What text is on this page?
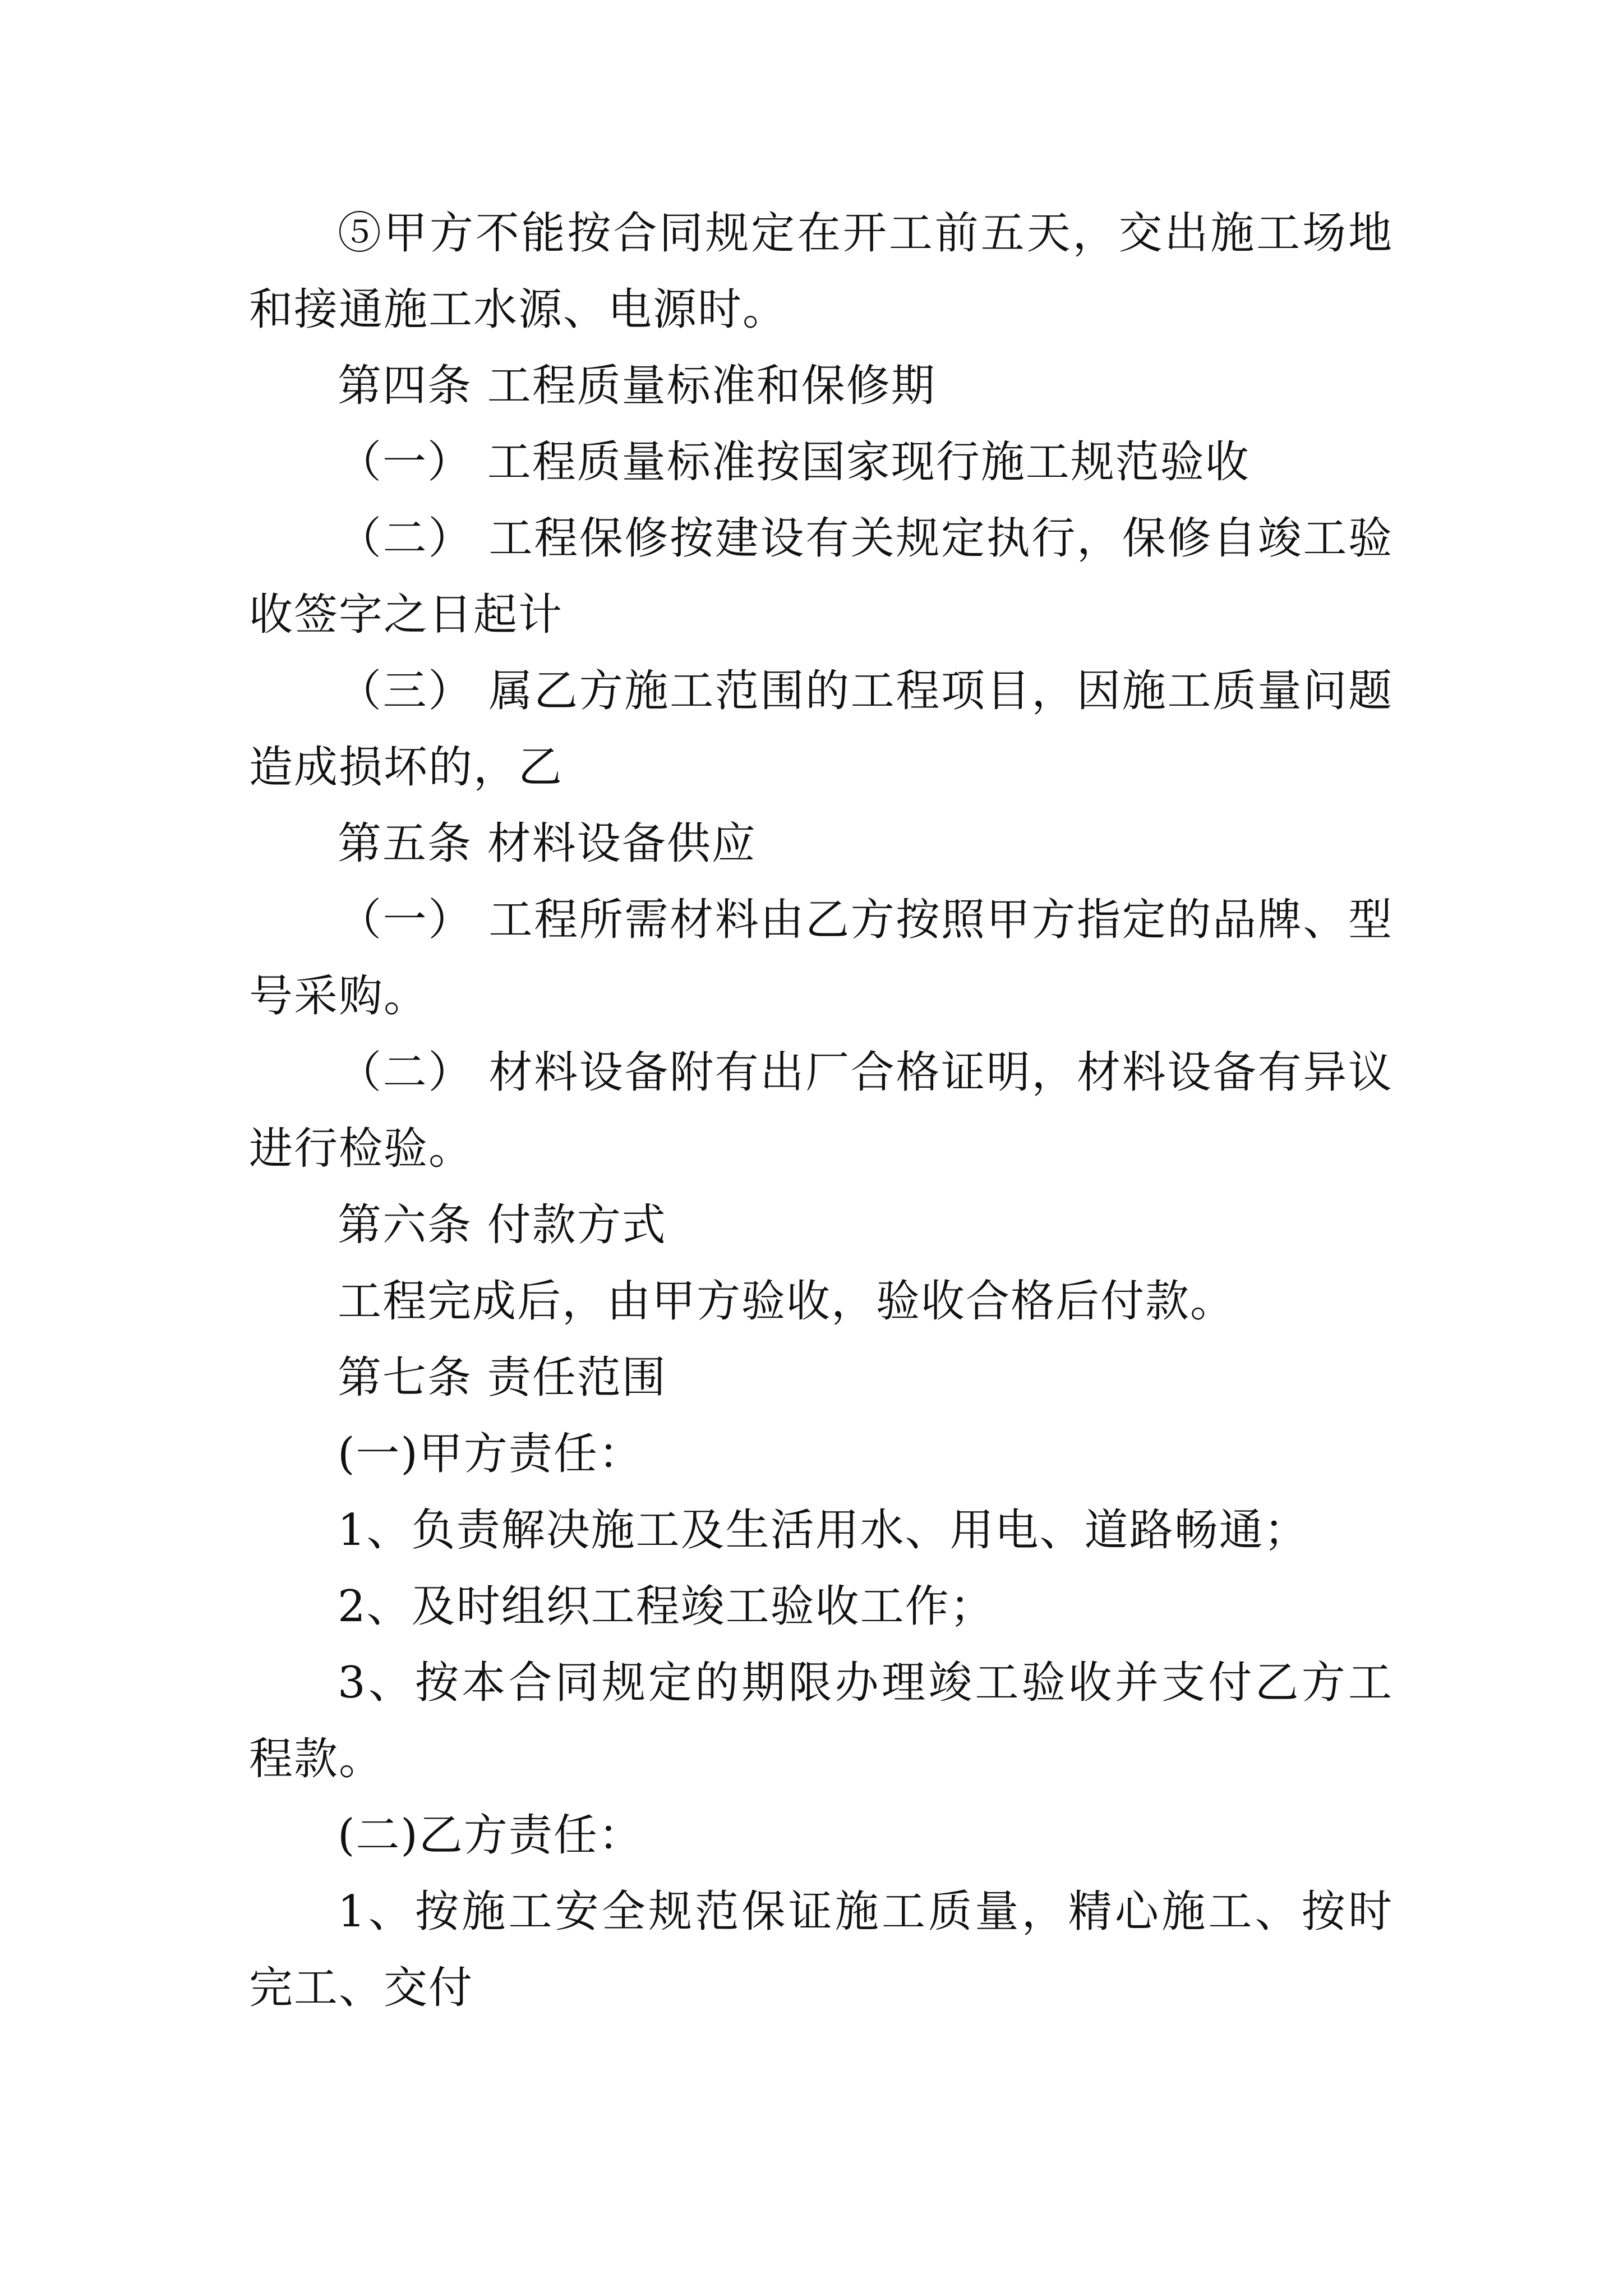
⑤甲方不能按合同规定在开工前五天，交出施工场地和接通施工水源、电源时。

第四条 工程质量标准和保修期

（一） 工程质量标准按国家现行施工规范验收

（二） 工程保修按建设有关规定执行，保修自竣工验收签字之日起计

（三） 属乙方施工范围的工程项目，因施工质量问题造成损坏的，乙

第五条 材料设备供应

（一） 工程所需材料由乙方按照甲方指定的品牌、型号采购。

（二） 材料设备附有出厂合格证明，材料设备有异议进行检验。

第六条 付款方式

工程完成后，由甲方验收，验收合格后付款。

第七条 责任范围

(一)甲方责任：

1、负责解决施工及生活用水、用电、道路畅通；

2、及时组织工程竣工验收工作；

3、按本合同规定的期限办理竣工验收并支付乙方工程款。

(二)乙方责任：

1、按施工安全规范保证施工质量，精心施工、按时完工、交付
